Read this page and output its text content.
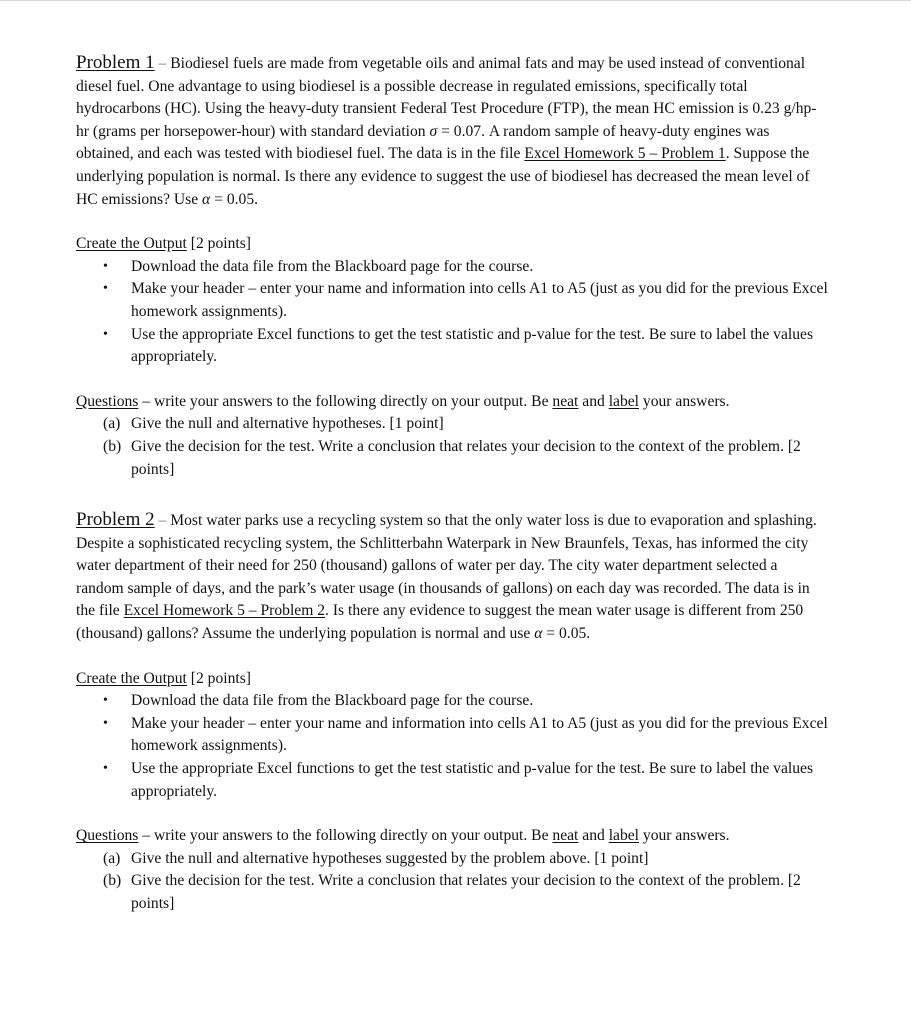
Problem 1 – Biodiesel fuels are made from vegetable oils and animal fats and may be used instead of conventional diesel fuel. One advantage to using biodiesel is a possible decrease in regulated emissions, specifically total hydrocarbons (HC). Using the heavy-duty transient Federal Test Procedure (FTP), the mean HC emission is 0.23 g/hp-hr (grams per horsepower-hour) with standard deviation σ = 0.07. A random sample of heavy-duty engines was obtained, and each was tested with biodiesel fuel. The data is in the file Excel Homework 5 – Problem 1. Suppose the underlying population is normal. Is there any evidence to suggest the use of biodiesel has decreased the mean level of HC emissions? Use α = 0.05.

Create the Output [2 points]

• Download the data file from the Blackboard page for the course.
• Make your header – enter your name and information into cells A1 to A5 (just as you did for the previous Excel homework assignments).
• Use the appropriate Excel functions to get the test statistic and p-value for the test. Be sure to label the values appropriately.

Questions – write your answers to the following directly on your output. Be neat and label your answers.

(a) Give the null and alternative hypotheses. [1 point]
(b) Give the decision for the test. Write a conclusion that relates your decision to the context of the problem. [2 points]

Problem 2 – Most water parks use a recycling system so that the only water loss is due to evaporation and splashing. Despite a sophisticated recycling system, the Schlitterbahn Waterpark in New Braunfels, Texas, has informed the city water department of their need for 250 (thousand) gallons of water per day. The city water department selected a random sample of days, and the park’s water usage (in thousands of gallons) on each day was recorded. The data is in the file Excel Homework 5 – Problem 2. Is there any evidence to suggest the mean water usage is different from 250 (thousand) gallons? Assume the underlying population is normal and use α = 0.05.

Create the Output [2 points]

• Download the data file from the Blackboard page for the course.
• Make your header – enter your name and information into cells A1 to A5 (just as you did for the previous Excel homework assignments).
• Use the appropriate Excel functions to get the test statistic and p-value for the test. Be sure to label the values appropriately.

Questions – write your answers to the following directly on your output. Be neat and label your answers.

(a) Give the null and alternative hypotheses suggested by the problem above. [1 point]
(b) Give the decision for the test. Write a conclusion that relates your decision to the context of the problem. [2 points]
